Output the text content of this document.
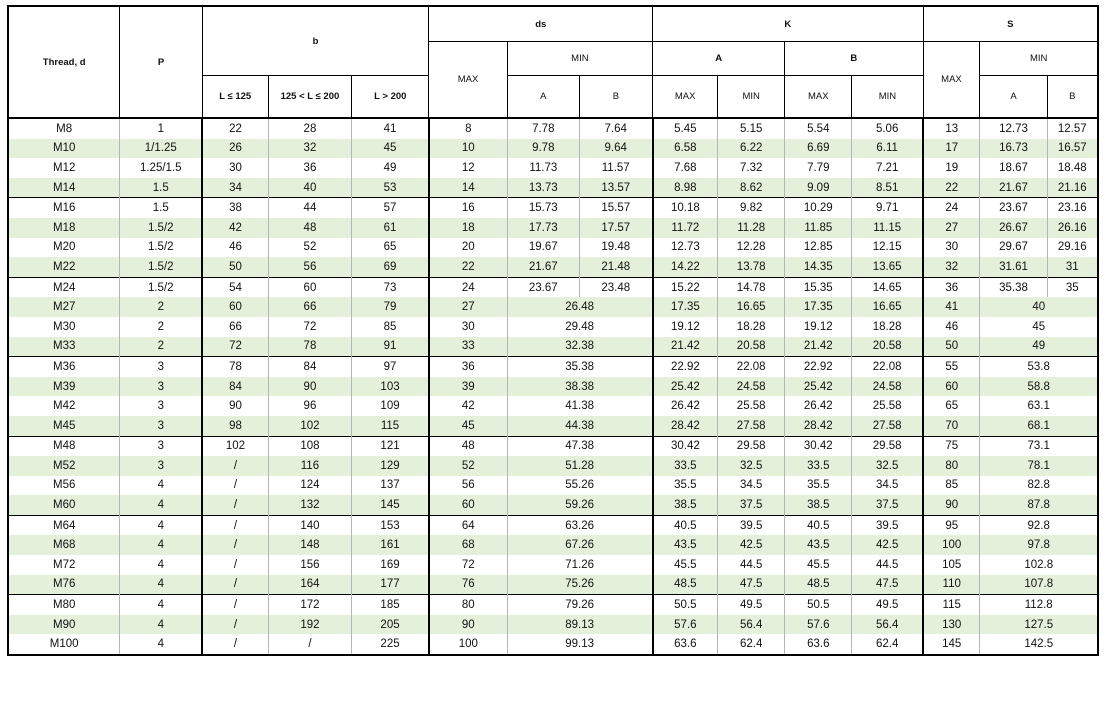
Thread, d	P	b			ds			K				S		
					MAX	MIN		A		B		MAX	MIN	
		L ≤ 125	125 < L ≤ 200	L > 200		A	B	MAX	MIN	MAX	MIN		A	B
M8	1	22	28	41	8	7.78	7.64	5.45	5.15	5.54	5.06	13	12.73	12.57
M10	1/1.25	26	32	45	10	9.78	9.64	6.58	6.22	6.69	6.11	17	16.73	16.57
M12	1.25/1.5	30	36	49	12	11.73	11.57	7.68	7.32	7.79	7.21	19	18.67	18.48
M14	1.5	34	40	53	14	13.73	13.57	8.98	8.62	9.09	8.51	22	21.67	21.16
M16	1.5	38	44	57	16	15.73	15.57	10.18	9.82	10.29	9.71	24	23.67	23.16
M18	1.5/2	42	48	61	18	17.73	17.57	11.72	11.28	11.85	11.15	27	26.67	26.16
M20	1.5/2	46	52	65	20	19.67	19.48	12.73	12.28	12.85	12.15	30	29.67	29.16
M22	1.5/2	50	56	69	22	21.67	21.48	14.22	13.78	14.35	13.65	32	31.61	31
M24	1.5/2	54	60	73	24	23.67	23.48	15.22	14.78	15.35	14.65	36	35.38	35
M27	2	60	66	79	27	26.48		17.35	16.65	17.35	16.65	41	40	
M30	2	66	72	85	30	29.48		19.12	18.28	19.12	18.28	46	45	
M33	2	72	78	91	33	32.38		21.42	20.58	21.42	20.58	50	49	
M36	3	78	84	97	36	35.38		22.92	22.08	22.92	22.08	55	53.8	
M39	3	84	90	103	39	38.38		25.42	24.58	25.42	24.58	60	58.8	
M42	3	90	96	109	42	41.38		26.42	25.58	26.42	25.58	65	63.1	
M45	3	98	102	115	45	44.38		28.42	27.58	28.42	27.58	70	68.1	
M48	3	102	108	121	48	47.38		30.42	29.58	30.42	29.58	75	73.1	
M52	3	/	116	129	52	51.28		33.5	32.5	33.5	32.5	80	78.1	
M56	4	/	124	137	56	55.26		35.5	34.5	35.5	34.5	85	82.8	
M60	4	/	132	145	60	59.26		38.5	37.5	38.5	37.5	90	87.8	
M64	4	/	140	153	64	63.26		40.5	39.5	40.5	39.5	95	92.8	
M68	4	/	148	161	68	67.26		43.5	42.5	43.5	42.5	100	97.8	
M72	4	/	156	169	72	71.26		45.5	44.5	45.5	44.5	105	102.8	
M76	4	/	164	177	76	75.26		48.5	47.5	48.5	47.5	110	107.8	
M80	4	/	172	185	80	79.26		50.5	49.5	50.5	49.5	115	112.8	
M90	4	/	192	205	90	89.13		57.6	56.4	57.6	56.4	130	127.5	
M100	4	/	/	225	100	99.13		63.6	62.4	63.6	62.4	145	142.5	
